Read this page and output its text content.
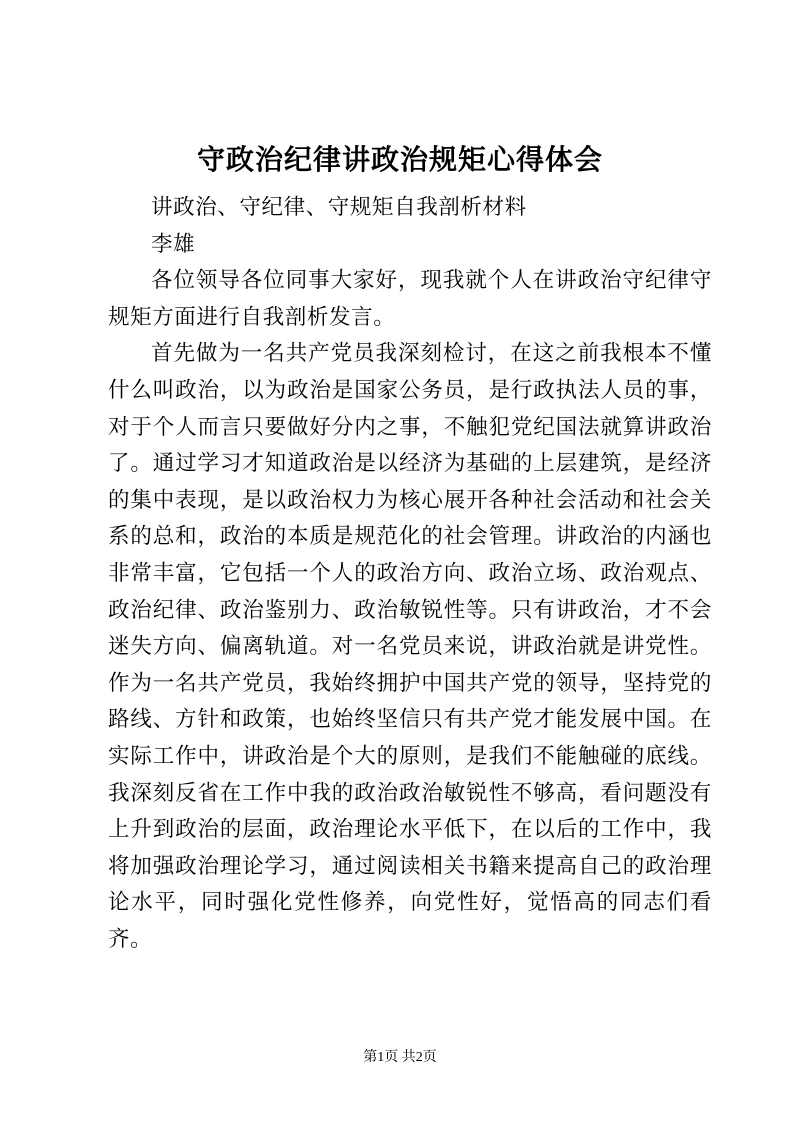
守政治纪律讲政治规矩心得体会

讲政治、守纪律、守规矩自我剖析材料

李雄

各位领导各位同事大家好，现我就个人在讲政治守纪律守规矩方面进行自我剖析发言。

首先做为一名共产党员我深刻检讨，在这之前我根本不懂什么叫政治，以为政治是国家公务员，是行政执法人员的事，对于个人而言只要做好分内之事，不触犯党纪国法就算讲政治了。通过学习才知道政治是以经济为基础的上层建筑，是经济的集中表现，是以政治权力为核心展开各种社会活动和社会关系的总和，政治的本质是规范化的社会管理。讲政治的内涵也非常丰富，它包括一个人的政治方向、政治立场、政治观点、政治纪律、政治鉴别力、政治敏锐性等。只有讲政治，才不会迷失方向、偏离轨道。对一名党员来说，讲政治就是讲党性。作为一名共产党员，我始终拥护中国共产党的领导，坚持党的路线、方针和政策，也始终坚信只有共产党才能发展中国。在实际工作中，讲政治是个大的原则，是我们不能触碰的底线。我深刻反省在工作中我的政治政治敏锐性不够高，看问题没有上升到政治的层面，政治理论水平低下，在以后的工作中，我将加强政治理论学习，通过阅读相关书籍来提高自己的政治理论水平，同时强化党性修养，向党性好，觉悟高的同志们看齐。

第1页 共2页
